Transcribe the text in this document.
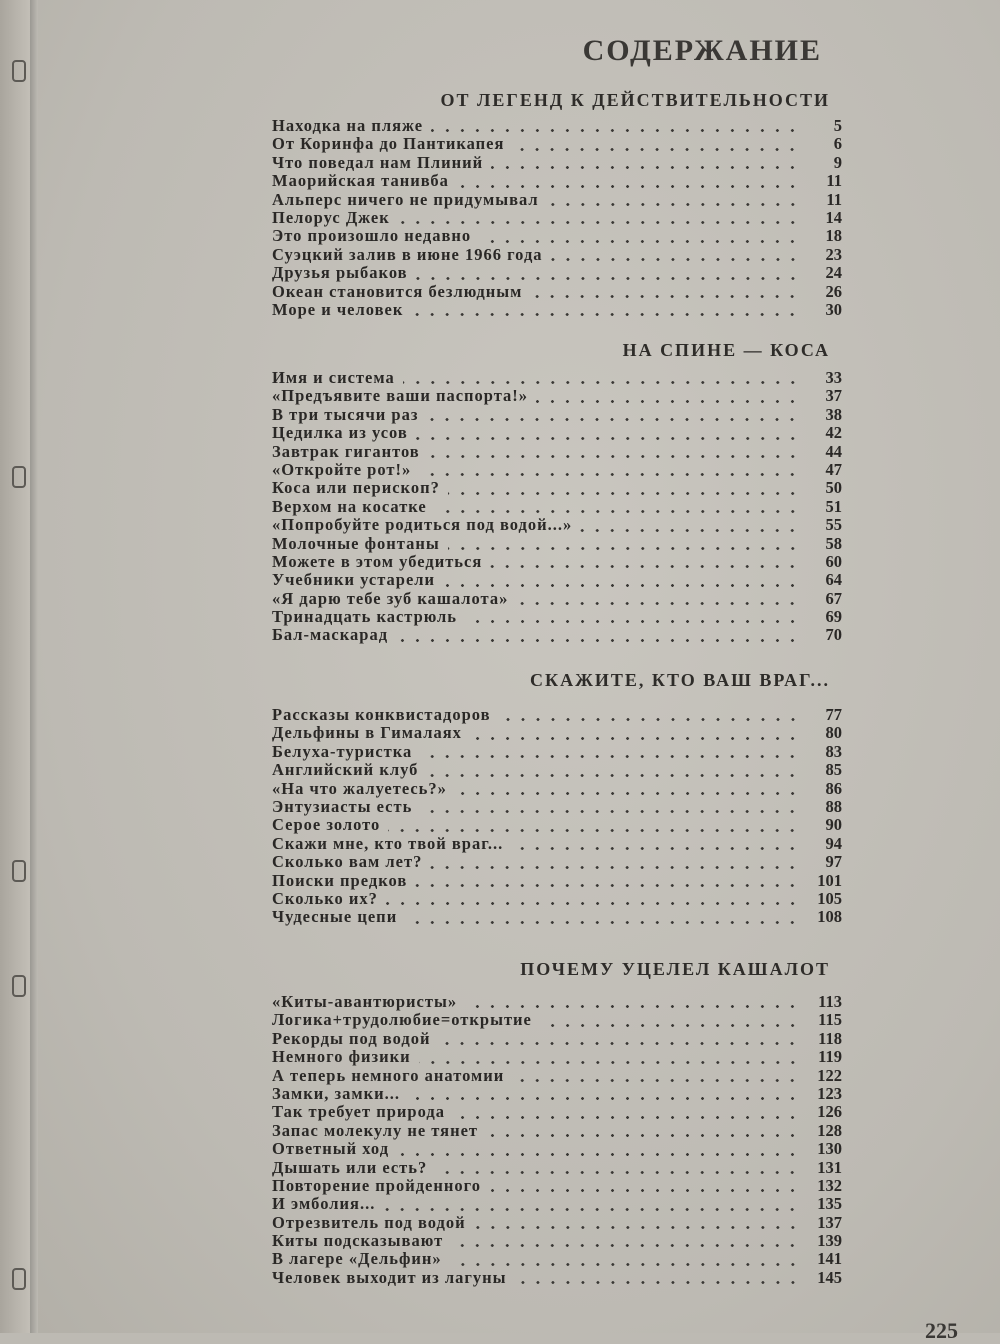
СОДЕРЖАНИЕ
ОТ ЛЕГЕНД К ДЕЙСТВИТЕЛЬНОСТИ
Находка на пляже	5
От Коринфа до Пантикапея	6
Что поведал нам Плиний	9
Маорийская танивба	11
Альперс ничего не придумывал	11
Пелорус Джек	14
Это произошло недавно	18
Суэцкий залив в июне 1966 года	23
Друзья рыбаков	24
Океан становится безлюдным	26
Море и человек	30
НА СПИНЕ — КОСА
Имя и система	33
«Предъявите ваши паспорта!»	37
В три тысячи раз	38
Цедилка из усов	42
Завтрак гигантов	44
«Откройте рот!»	47
Коса или перископ?	50
Верхом на косатке	51
«Попробуйте родиться под водой...»	55
Молочные фонтаны	58
Можете в этом убедиться	60
Учебники устарели	64
«Я дарю тебе зуб кашалота»	67
Тринадцать кастрюль	69
Бал-маскарад	70
СКАЖИТЕ, КТО ВАШ ВРАГ...
Рассказы конквистадоров	77
Дельфины в Гималаях	80
Белуха-туристка	83
Английский клуб	85
«На что жалуетесь?»	86
Энтузиасты есть	88
Серое золото	90
Скажи мне, кто твой враг...	94
Сколько вам лет?	97
Поиски предков	101
Сколько их?	105
Чудесные цепи	108
ПОЧЕМУ УЦЕЛЕЛ КАШАЛОТ
«Киты-авантюристы»	113
Логика+трудолюбие=открытие	115
Рекорды под водой	118
Немного физики	119
А теперь немного анатомии	122
Замки, замки...	123
Так требует природа	126
Запас молекулу не тянет	128
Ответный ход	130
Дышать или есть?	131
Повторение пройденного	132
И эмболия...	135
Отрезвитель под водой	137
Киты подсказывают	139
В лагере «Дельфин»	141
Человек выходит из лагуны	145
225
